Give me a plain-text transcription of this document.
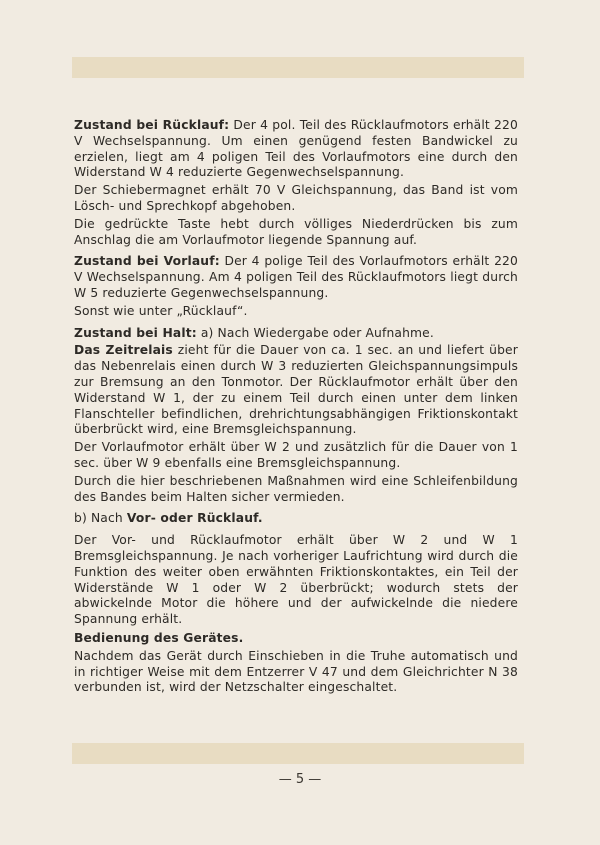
Zustand bei Rücklauf: Der 4 pol. Teil des Rücklaufmotors erhält 220 V Wechselspannung. Um einen genügend festen Bandwickel zu erzielen, liegt am 4 poligen Teil des Vorlaufmotors eine durch den Widerstand W 4 reduzierte Gegenwechselspannung.

Der Schiebermagnet erhält 70 V Gleichspannung, das Band ist vom Lösch- und Sprechkopf abgehoben.

Die gedrückte Taste hebt durch völliges Niederdrücken bis zum Anschlag die am Vorlaufmotor liegende Spannung auf.

Zustand bei Vorlauf: Der 4 polige Teil des Vorlaufmotors erhält 220 V Wechselspannung. Am 4 poligen Teil des Rücklaufmotors liegt durch W 5 reduzierte Gegenwechselspannung.

Sonst wie unter „Rücklauf“.

Zustand bei Halt: a) Nach Wiedergabe oder Aufnahme.

Das Zeitrelais zieht für die Dauer von ca. 1 sec. an und liefert über das Nebenrelais einen durch W 3 reduzierten Gleichspannungsimpuls zur Bremsung an den Tonmotor. Der Rücklaufmotor erhält über den Widerstand W 1, der zu einem Teil durch einen unter dem linken Flanschteller befindlichen, drehrichtungsabhängigen Friktionskontakt überbrückt wird, eine Bremsgleichspannung.

Der Vorlaufmotor erhält über W 2 und zusätzlich für die Dauer von 1 sec. über W 9 ebenfalls eine Bremsgleichspannung.

Durch die hier beschriebenen Maßnahmen wird eine Schleifenbildung des Bandes beim Halten sicher vermieden.

b) Nach Vor- oder Rücklauf.

Der Vor- und Rücklaufmotor erhält über W 2 und W 1 Bremsgleichspannung. Je nach vorheriger Laufrichtung wird durch die Funktion des weiter oben erwähnten Friktionskontaktes, ein Teil der Widerstände W 1 oder W 2 überbrückt; wodurch stets der abwickelnde Motor die höhere und der aufwickelnde die niedere Spannung erhält.

Bedienung des Gerätes.

Nachdem das Gerät durch Einschieben in die Truhe automatisch und in richtiger Weise mit dem Entzerrer V 47 und dem Gleichrichter N 38 verbunden ist, wird der Netzschalter eingeschaltet.

— 5 —
